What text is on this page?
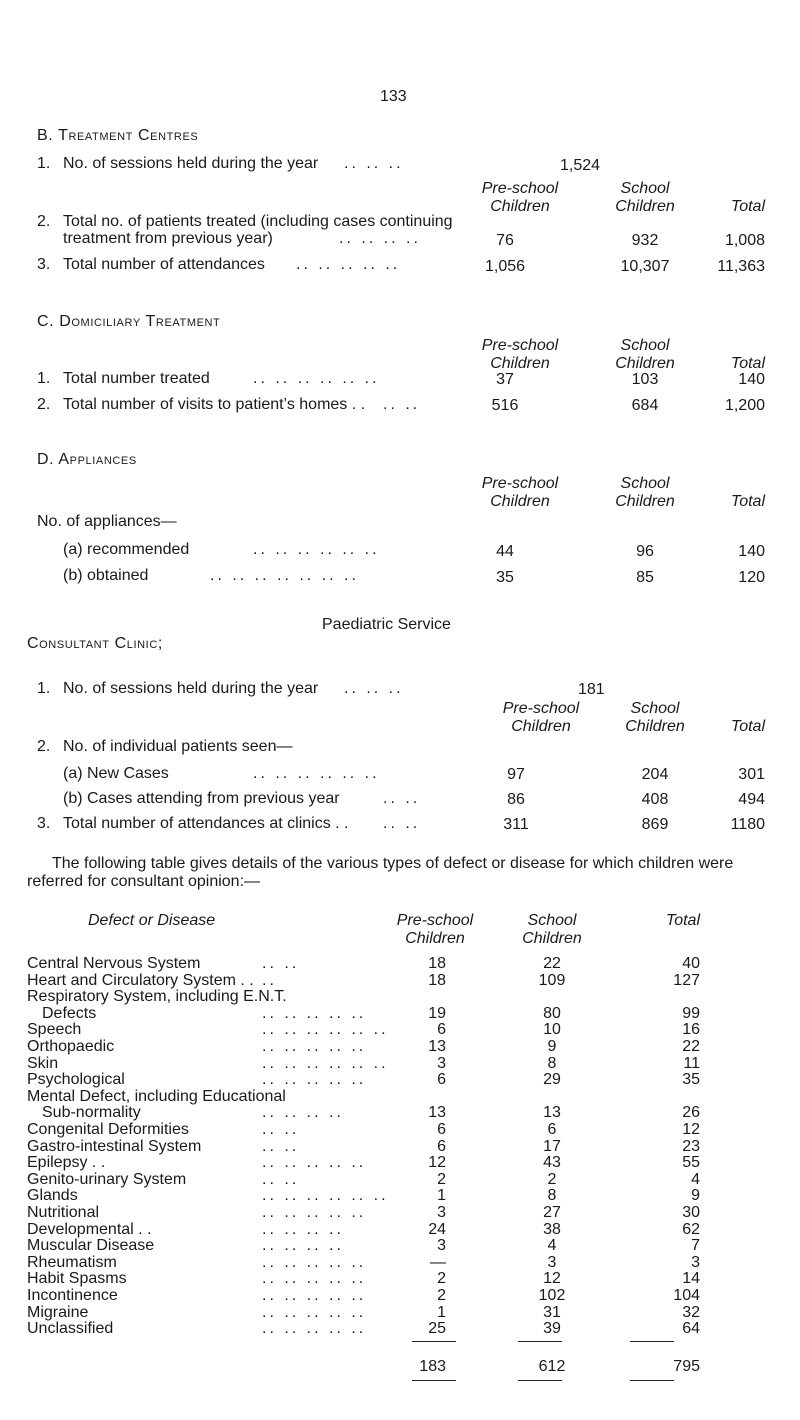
133
B. Treatment Centres
1. No. of sessions held during the year .. .. ..	1,524
Pre-school
Children
School
Children	Total
2. Total no. of patients treated (including cases continuing
treatment from previous year)	.. .. .. ..	76	932	1,008
3. Total number of attendances .. .. .. .. ..	1,056	10,307	11,363
C. Domiciliary Treatment
Pre-school
Children
School
Children	Total
1. Total number treated	.. .. .. .. .. ..	37	103	140
2. Total number of visits to patient’s homes . . .. ..	516	684	1,200
D. Appliances
Pre-school
Children
School
Children	Total
No. of appliances—
(a) recommended	.. .. .. .. .. ..	44	96	140
(b) obtained	.. .. .. .. .. .. ..	35	85	120
Paediatric Service
Consultant Clinic;
1. No. of sessions held during the year .. .. ..	181
Pre-school
Children
School
Children	Total
2. No. of individual patients seen—
(a) New Cases	.. .. .. .. .. ..	97	204	301
(b) Cases attending from previous year	.. ..	86	408	494
3. Total number of attendances at clinics . . .. ..	311	869	1180
The following table gives details of the various types of defect or disease for which children were
referred for consultant opinion:—
Defect or Disease	Pre-school
Children
School
Children
Total
Central Nervous System	.. ..	18	22	40
Heart and Circulatory System . . ..	18	109	127
Respiratory System, including E.N.T.
Defects	.. .. .. .. ..	19	80	99
Speech	.. .. .. .. .. ..	6	10	16
Orthopaedic	.. .. .. .. ..	13	9	22
Skin	.. .. .. .. .. ..	3	8	11
Psychological	.. .. .. .. ..	6	29	35
Mental Defect, including Educational
Sub-normality	.. .. .. ..	13	13	26
Congenital Deformities	.. ..	6	6	12
Gastro-intestinal System	.. ..	6	17	23
Epilepsy . .	.. .. .. .. ..	12	43	55
Genito-urinary System	.. ..	2	2	4
Glands	.. .. .. .. .. ..	1	8	9
Nutritional	.. .. .. .. ..	3	27	30
Developmental . .	.. .. .. ..	24	38	62
Muscular Disease	.. .. .. ..	3	4	7
Rheumatism	.. .. .. .. ..	—	3	3
Habit Spasms	.. .. .. .. ..	2	12	14
Incontinence	.. .. .. .. ..	2	102	104
Migraine	.. .. .. .. ..	1	31	32
Unclassified	.. .. .. .. ..	25	39	64
183	612	795
